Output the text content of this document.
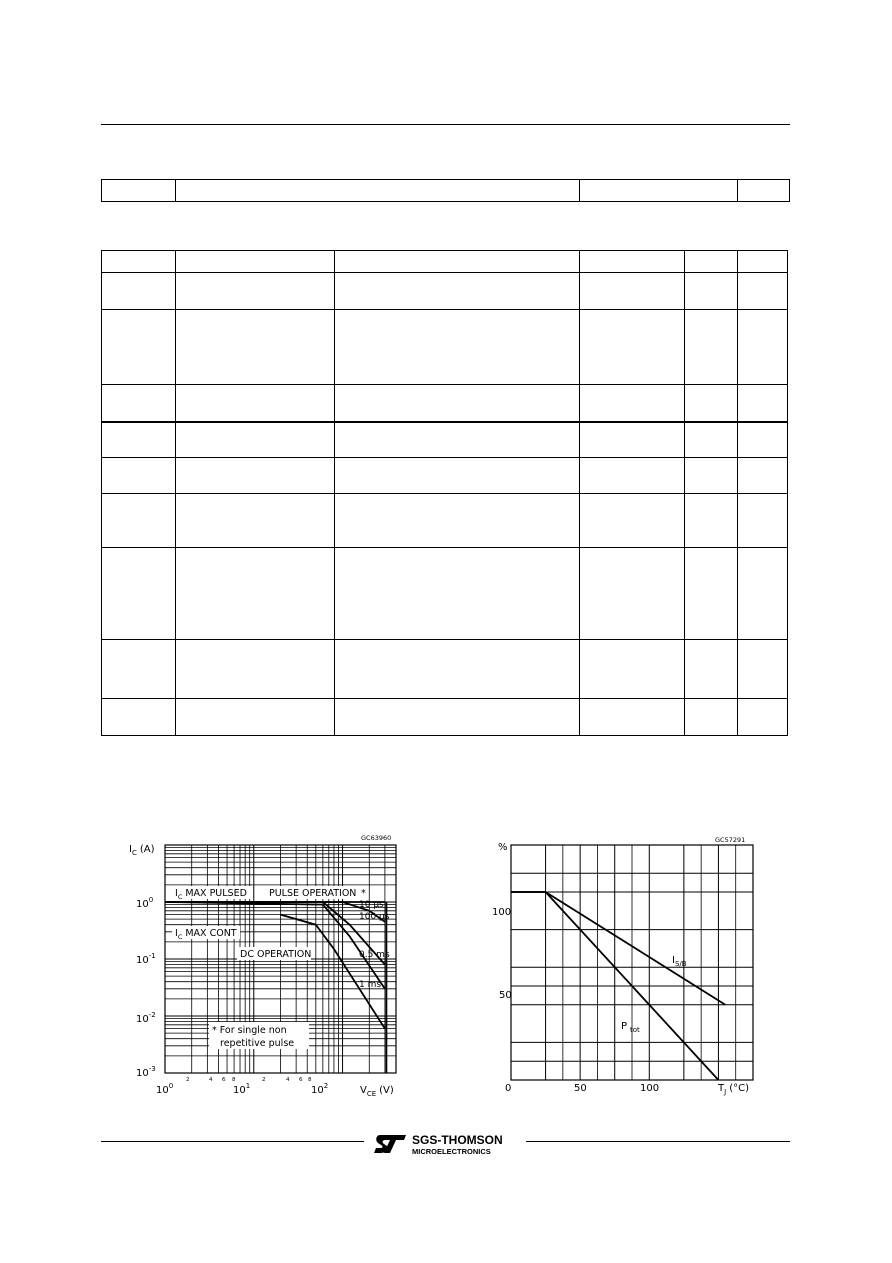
GC63960
$I_C$ (A)
$10^0$
$10^{-1}$
$10^{-2}$
$10^{-3}$
$10^0$	$10^1$	$10^2$
2	4 6 8	2	4 6 8
$V_{CE}$ (V)
$I_C$ MAX PULSED PULSE OPERATION *
$I_C$ MAX CONT
DC OPERATION
* For single non
repetitive pulse
10 µs
100 µs
0.5 ms
1 ms
GC57291
%
100
50
0	50	100	$T_J$ (°C)
$I_{S/B}$
P $_{tot}$
SGS-THOMSON
MICROELECTRONICS
